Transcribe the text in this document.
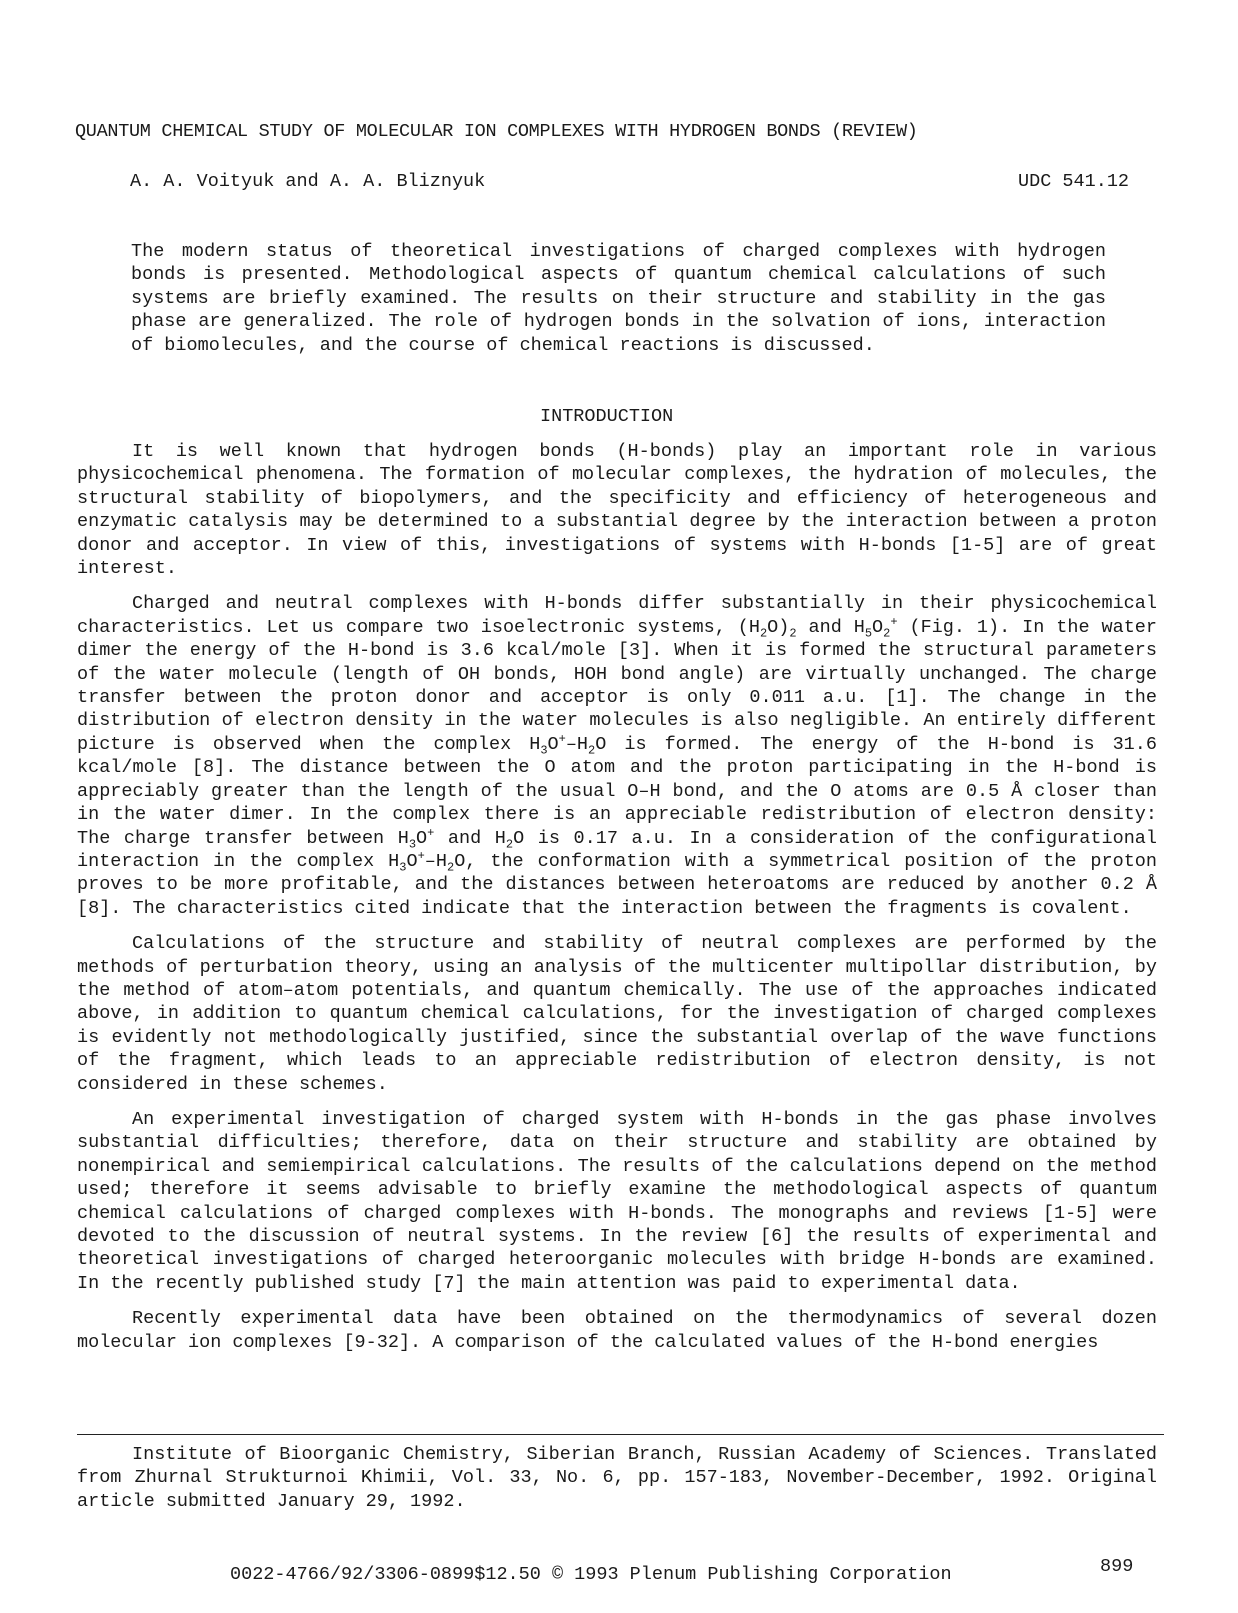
QUANTUM CHEMICAL STUDY OF MOLECULAR ION COMPLEXES WITH HYDROGEN BONDS (REVIEW)
A. A. Voityuk and A. A. Bliznyuk	UDC 541.12

The modern status of theoretical investigations of charged complexes with hydrogen bonds is presented. Methodological aspects of quantum chemical calculations of such systems are briefly examined. The results on their structure and stability in the gas phase are generalized. The role of hydrogen bonds in the solvation of ions, interaction of biomolecules, and the course of chemical reactions is discussed.

INTRODUCTION

It is well known that hydrogen bonds (H-bonds) play an important role in various physicochemical phenomena. The formation of molecular complexes, the hydration of molecules, the structural stability of biopolymers, and the specificity and efficiency of heterogeneous and enzymatic catalysis may be determined to a substantial degree by the interaction between a proton donor and acceptor. In view of this, investigations of systems with H-bonds [1-5] are of great interest.

Charged and neutral complexes with H-bonds differ substantially in their physicochemical characteristics. Let us compare two isoelectronic systems, $(H_2O)_2$ and $H_5O_2^+$ (Fig. 1). In the water dimer the energy of the H-bond is 3.6 kcal/mole [3]. When it is formed the structural parameters of the water molecule (length of OH bonds, HOH bond angle) are virtually unchanged. The charge transfer between the proton donor and acceptor is only 0.011 a.u. [1]. The change in the distribution of electron density in the water molecules is also negligible. An entirely different picture is observed when the complex $H_3O^+-H_2O$ is formed. The energy of the H-bond is 31.6 kcal/mole [8]. The distance between the O atom and the proton participating in the H-bond is appreciably greater than the length of the usual O–H bond, and the O atoms are 0.5 Å closer than in the water dimer. In the complex there is an appreciable redistribution of electron density: The charge transfer between $H_3O^+$ and $H_2O$ is 0.17 a.u. In a consideration of the configurational interaction in the complex $H_3O^+-H_2O$, the conformation with a symmetrical position of the proton proves to be more profitable, and the distances between heteroatoms are reduced by another 0.2 Å [8]. The characteristics cited indicate that the interaction between the fragments is covalent.

Calculations of the structure and stability of neutral complexes are performed by the methods of perturbation theory, using an analysis of the multicenter multipollar distribution, by the method of atom–atom potentials, and quantum chemically. The use of the approaches indicated above, in addition to quantum chemical calculations, for the investigation of charged complexes is evidently not methodologically justified, since the substantial overlap of the wave functions of the fragment, which leads to an appreciable redistribution of electron density, is not considered in these schemes.

An experimental investigation of charged system with H-bonds in the gas phase involves substantial difficulties; therefore, data on their structure and stability are obtained by nonempirical and semiempirical calculations. The results of the calculations depend on the method used; therefore it seems advisable to briefly examine the methodological aspects of quantum chemical calculations of charged complexes with H-bonds. The monographs and reviews [1-5] were devoted to the discussion of neutral systems. In the review [6] the results of experimental and theoretical investigations of charged heteroorganic molecules with bridge H-bonds are examined. In the recently published study [7] the main attention was paid to experimental data.

Recently experimental data have been obtained on the thermodynamics of several dozen molecular ion complexes [9-32]. A comparison of the calculated values of the H-bond energies

Institute of Bioorganic Chemistry, Siberian Branch, Russian Academy of Sciences. Translated from Zhurnal Strukturnoi Khimii, Vol. 33, No. 6, pp. 157-183, November-December, 1992. Original article submitted January 29, 1992.

0022-4766/92/3306-0899$12.50 © 1993 Plenum Publishing Corporation	899
